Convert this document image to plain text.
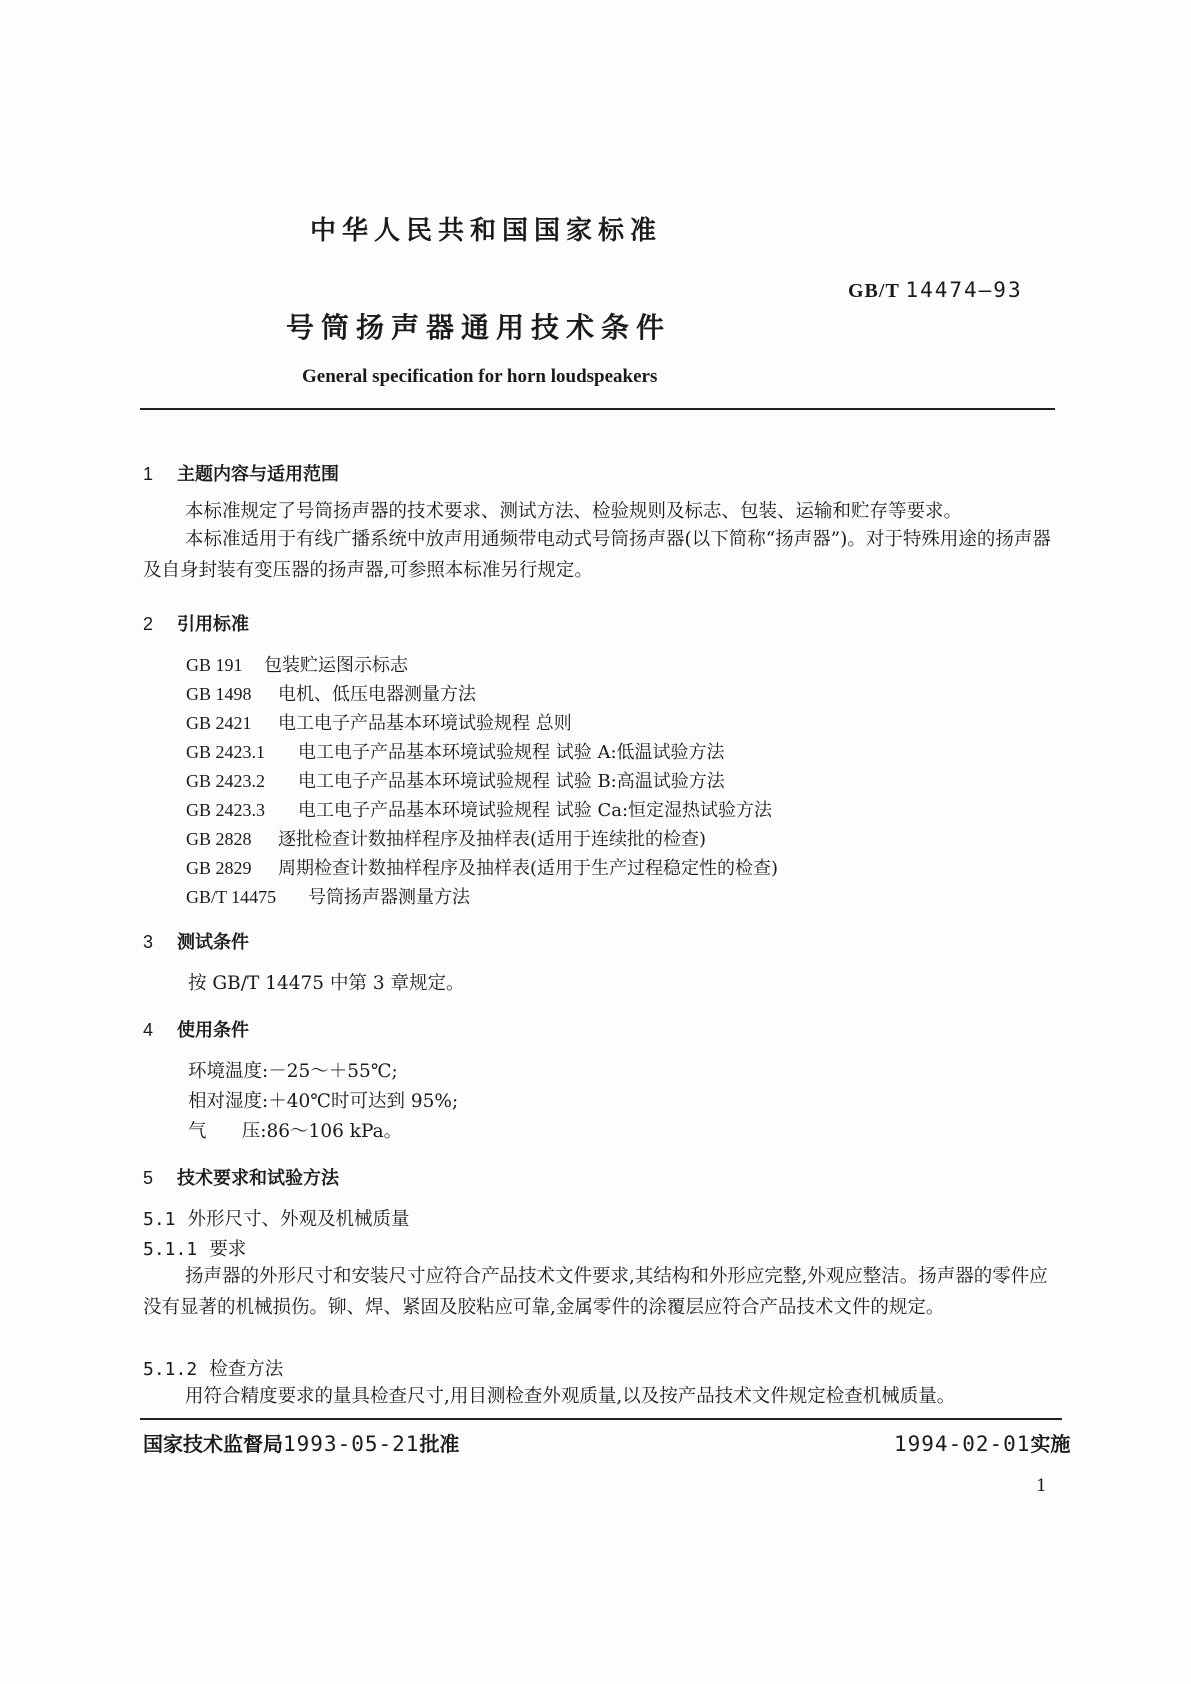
中华人民共和国国家标准
GB/T 14474—93
号筒扬声器通用技术条件
General specification for horn loudspeakers
1 主题内容与适用范围

本标准规定了号筒扬声器的技术要求、测试方法、检验规则及标志、包装、运输和贮存等要求。

本标准适用于有线广播系统中放声用通频带电动式号筒扬声器(以下简称“扬声器”)。对于特殊用途的扬声器及自身封装有变压器的扬声器,可参照本标准另行规定。

2 引用标准
GB 191 包装贮运图示标志
GB 1498 电机、低压电器测量方法
GB 2421 电工电子产品基本环境试验规程 总则
GB 2423.1 电工电子产品基本环境试验规程 试验 A:低温试验方法
GB 2423.2 电工电子产品基本环境试验规程 试验 B:高温试验方法
GB 2423.3 电工电子产品基本环境试验规程 试验 Ca:恒定湿热试验方法
GB 2828 逐批检查计数抽样程序及抽样表(适用于连续批的检查)
GB 2829 周期检查计数抽样程序及抽样表(适用于生产过程稳定性的检查)
GB/T 14475 号筒扬声器测量方法
3 测试条件
按 GB/T 14475 中第 3 章规定。
4 使用条件
环境温度:－25～＋55℃;
相对湿度:＋40℃时可达到 95%;
气      压:86～106 kPa。
5 技术要求和试验方法
5.1 外形尺寸、外观及机械质量
5.1.1 要求

扬声器的外形尺寸和安装尺寸应符合产品技术文件要求,其结构和外形应完整,外观应整洁。扬声器的零件应没有显著的机械损伤。铆、焊、紧固及胶粘应可靠,金属零件的涂覆层应符合产品技术文件的规定。

5.1.2 检查方法

用符合精度要求的量具检查尺寸,用目测检查外观质量,以及按产品技术文件规定检查机械质量。

国家技术监督局1993-05-21批准	1994-02-01实施
1
